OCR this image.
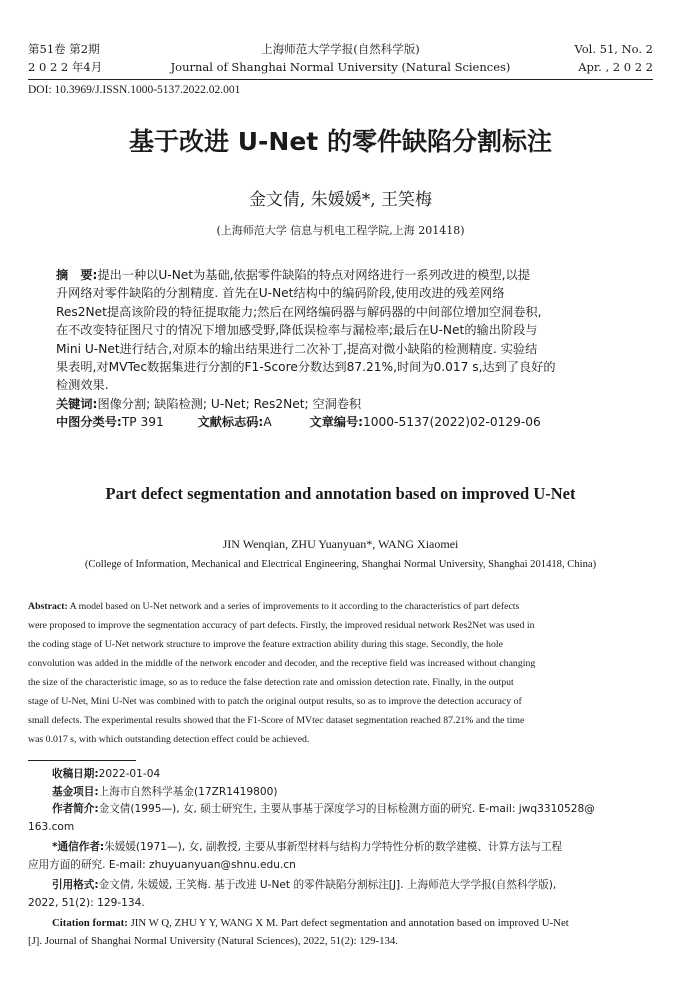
第51卷 第2期
2 0 2 2 年4月
上海师范大学学报(自然科学版)
Journal of Shanghai Normal University (Natural Sciences)
Vol. 51, No. 2
Apr. , 2 0 2 2
DOI: 10.3969/J.ISSN.1000-5137.2022.02.001
基于改进 U-Net 的零件缺陷分割标注
金文倩, 朱媛媛*, 王笑梅
(上海师范大学 信息与机电工程学院,上海 201418)
摘　要:提出一种以U-Net为基础,依据零件缺陷的特点对网络进行一系列改进的模型,以提
升网络对零件缺陷的分割精度. 首先在U-Net结构中的编码阶段,使用改进的残差网络
Res2Net提高该阶段的特征提取能力;然后在网络编码器与解码器的中间部位增加空洞卷积,
在不改变特征图尺寸的情况下增加感受野,降低误检率与漏检率;最后在U-Net的输出阶段与
Mini U-Net进行结合,对原本的输出结果进行二次补丁,提高对微小缺陷的检测精度. 实验结
果表明,对MVTec数据集进行分割的F1-Score分数达到87.21%,时间为0.017 s,达到了良好的
检测效果.
关键词:图像分割; 缺陷检测; U-Net; Res2Net; 空洞卷积
中图分类号:TP 391	文献标志码:A	文章编号:1000-5137(2022)02-0129-06
Part defect segmentation and annotation based on improved U-Net
JIN Wenqian, ZHU Yuanyuan*, WANG Xiaomei
(College of Information, Mechanical and Electrical Engineering, Shanghai Normal University, Shanghai 201418, China)
Abstract: A model based on U-Net network and a series of improvements to it according to the characteristics of part defects
were proposed to improve the segmentation accuracy of part defects. Firstly, the improved residual network Res2Net was used in
the coding stage of U-Net network structure to improve the feature extraction ability during this stage. Secondly, the hole
convolution was added in the middle of the network encoder and decoder, and the receptive field was increased without changing
the size of the characteristic image, so as to reduce the false detection rate and omission detection rate. Finally, in the output
stage of U-Net, Mini U-Net was combined with to patch the original output results, so as to improve the detection accuracy of
small defects. The experimental results showed that the F1-Score of MVtec dataset segmentation reached 87.21% and the time
was 0.017 s, with which outstanding detection effect could be achieved.
收稿日期:2022-01-04
基金项目:上海市自然科学基金(17ZR1419800)
作者简介:金文倩(1995—), 女, 硕士研究生, 主要从事基于深度学习的目标检测方面的研究. E-mail: jwq3310528@
163.com
*通信作者:朱媛媛(1971—), 女, 副教授, 主要从事新型材料与结构力学特性分析的数学建模、计算方法与工程
应用方面的研究. E-mail: zhuyuanyuan@shnu.edu.cn
引用格式:金文倩, 朱媛媛, 王笑梅. 基于改进 U-Net 的零件缺陷分割标注[J]. 上海师范大学学报(自然科学版),
2022, 51(2): 129-134.
Citation format: JIN W Q, ZHU Y Y, WANG X M. Part defect segmentation and annotation based on improved U-Net
[J]. Journal of Shanghai Normal University (Natural Sciences), 2022, 51(2): 129-134.
